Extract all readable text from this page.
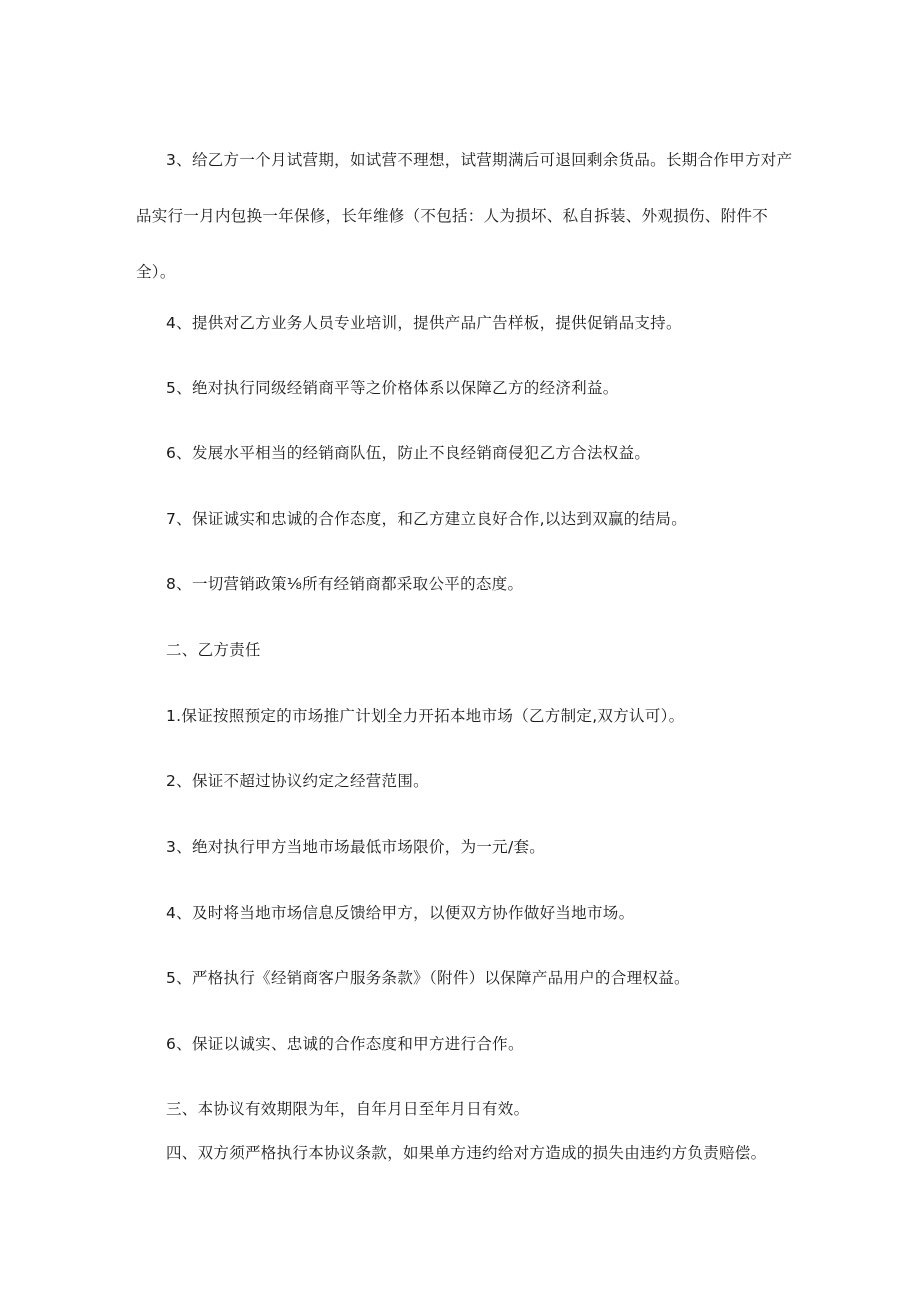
3、给乙方一个月试营期，如试营不理想，试营期满后可退回剩余货品。长期合作甲方对产
品实行一月内包换一年保修，长年维修（不包括：人为损坏、私自拆装、外观损伤、附件不
全）。

4、提供对乙方业务人员专业培训，提供产品广告样板，提供促销品支持。

5、绝对执行同级经销商平等之价格体系以保障乙方的经济利益。

6、发展水平相当的经销商队伍，防止不良经销商侵犯乙方合法权益。

7、保证诚实和忠诚的合作态度，和乙方建立良好合作,以达到双赢的结局。

8、一切营销政策⅛所有经销商都采取公平的态度。

二、乙方责任

1.保证按照预定的市场推广计划全力开拓本地市场（乙方制定,双方认可）。

2、保证不超过协议约定之经营范围。

3、绝对执行甲方当地市场最低市场限价，为一元/套。

4、及时将当地市场信息反馈给甲方，以便双方协作做好当地市场。

5、严格执行《经销商客户服务条款》（附件）以保障产品用户的合理权益。

6、保证以诚实、忠诚的合作态度和甲方进行合作。

三、本协议有效期限为年，自年月日至年月日有效。

四、双方须严格执行本协议条款，如果单方违约给对方造成的损失由违约方负责赔偿。
